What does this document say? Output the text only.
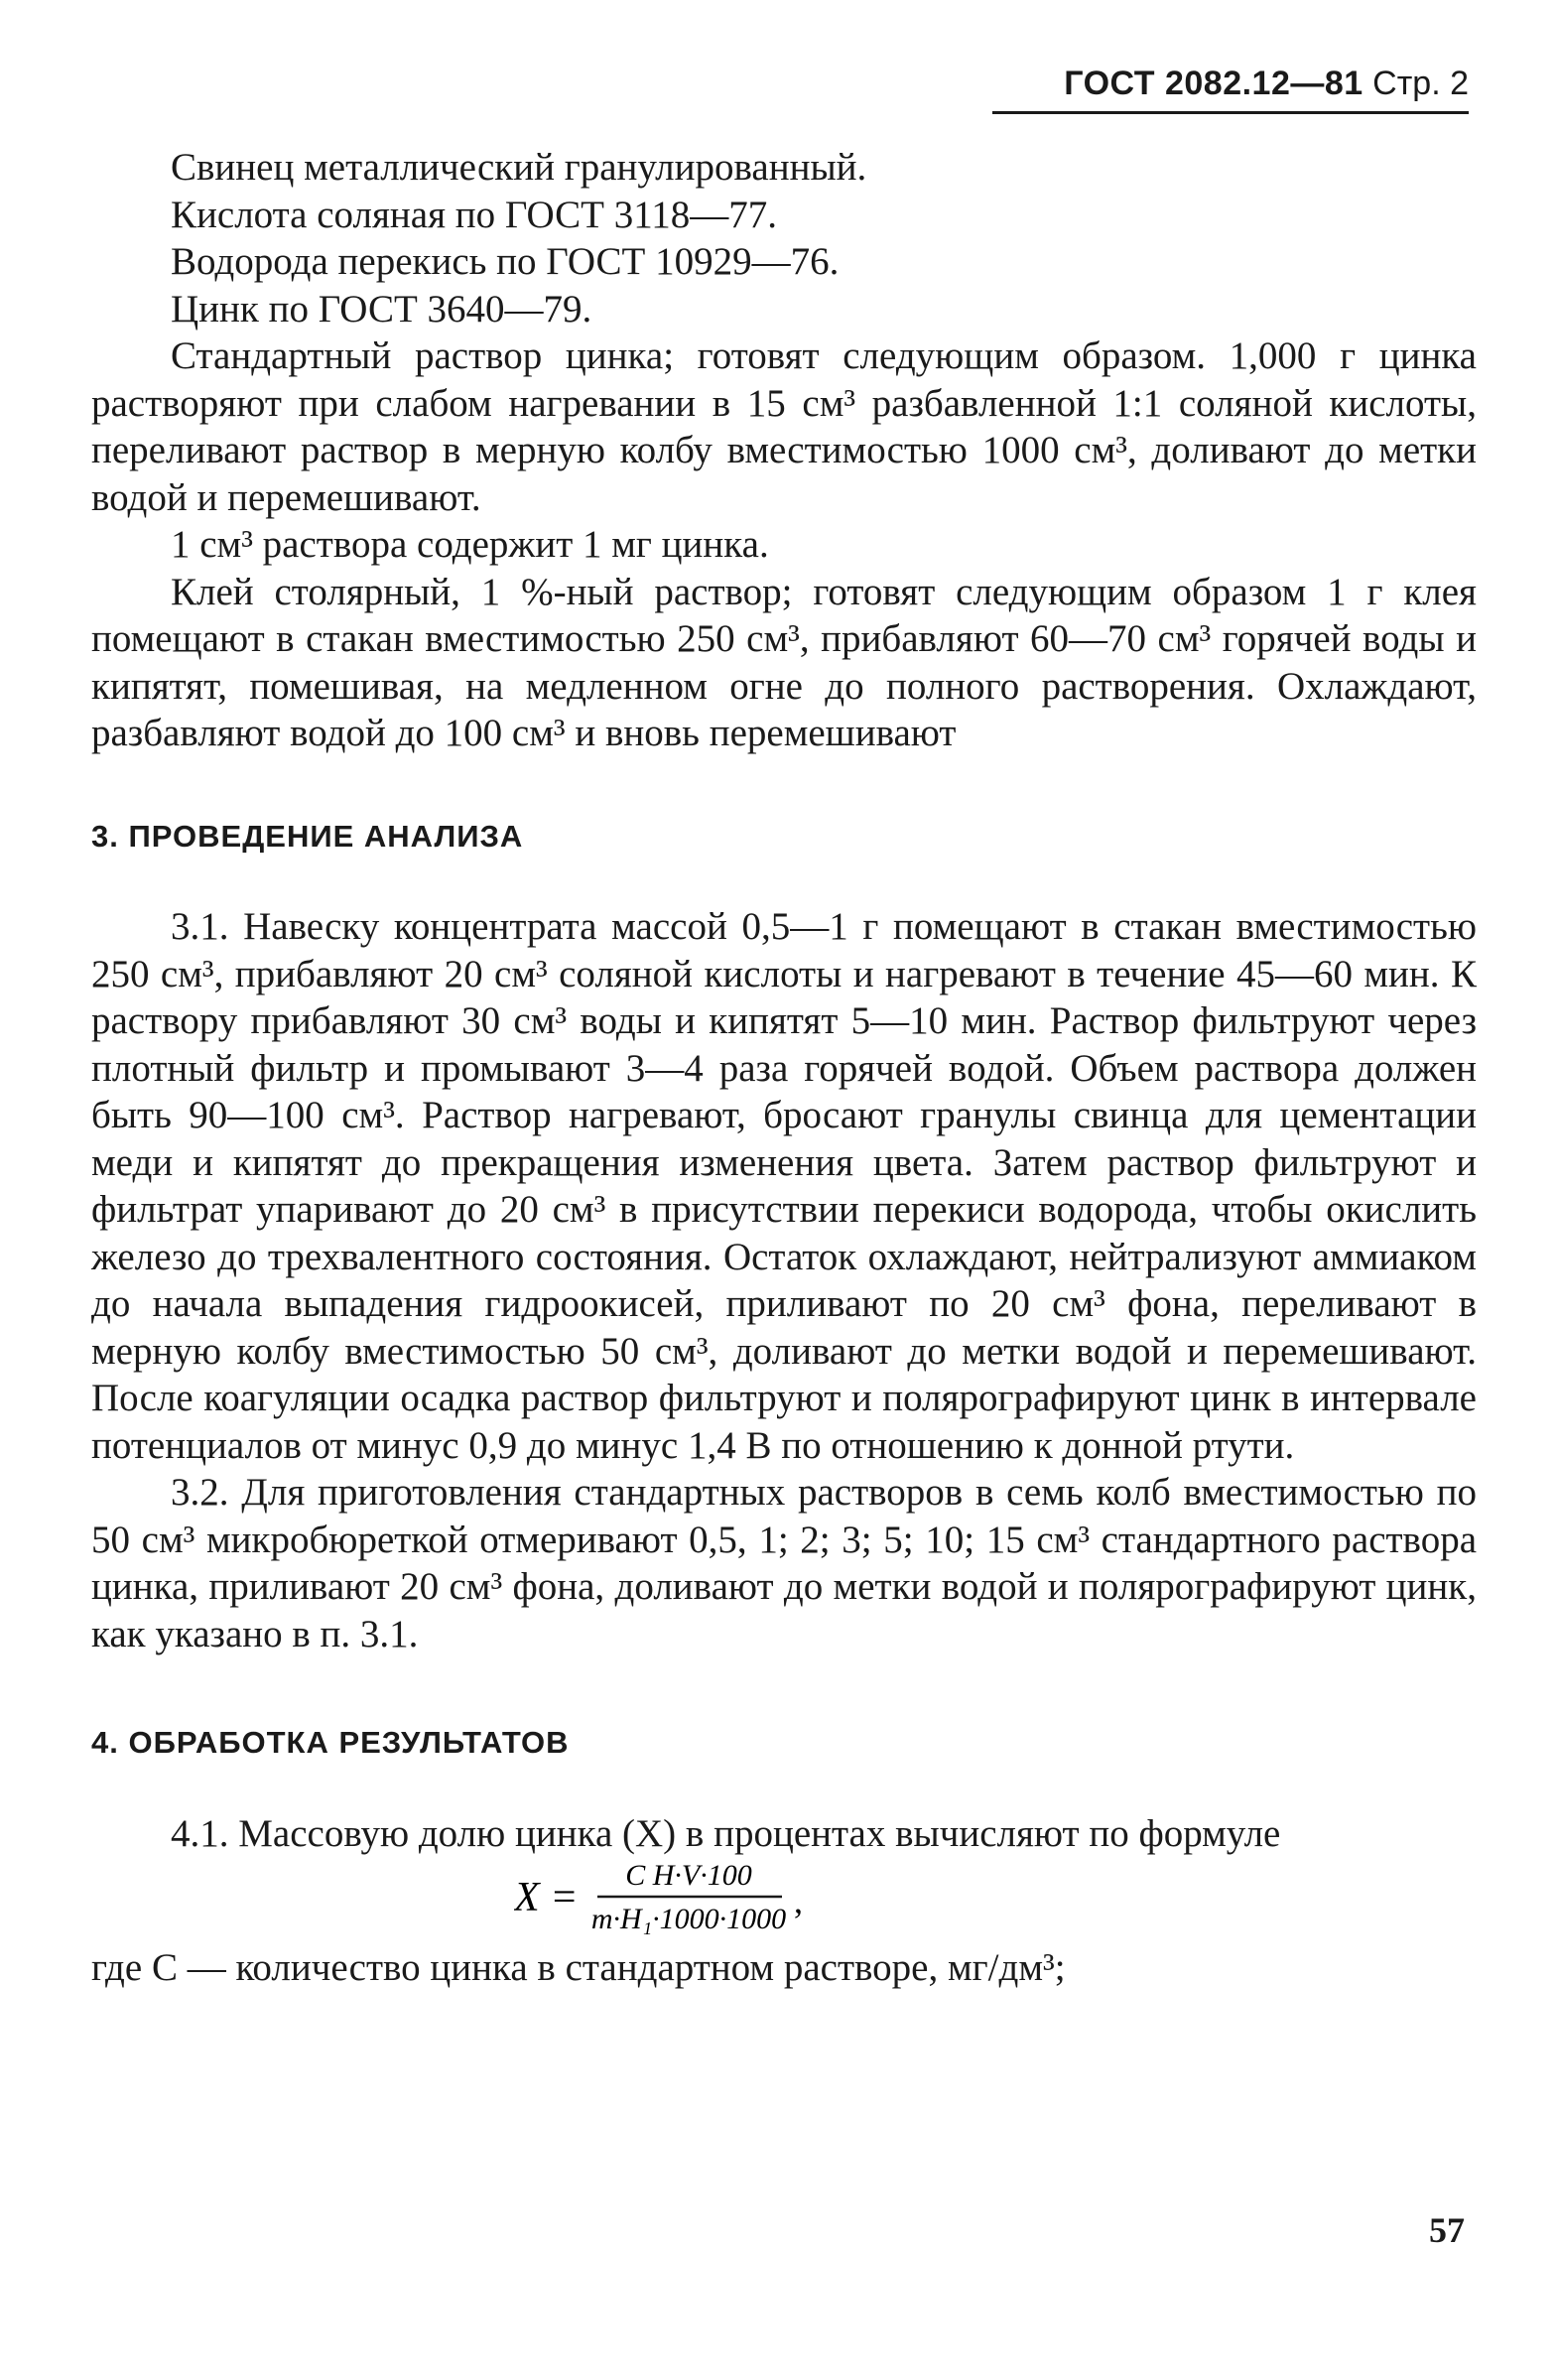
ГОСТ 2082.12—81 Стр. 2

Свинец металлический гранулированный.

Кислота соляная по ГОСТ 3118—77.

Водорода перекись по ГОСТ 10929—76.

Цинк по ГОСТ 3640—79.

Стандартный раствор цинка; готовят следующим образом. 1,000 г цинка растворяют при слабом нагревании в 15 см³ разбавленной 1:1 соляной кислоты, переливают раствор в мерную колбу вместимостью 1000 см³, доливают до метки водой и перемешивают.

1 см³ раствора содержит 1 мг цинка.

Клей столярный, 1 %-ный раствор; готовят следующим образом 1 г клея помещают в стакан вместимостью 250 см³, прибавляют 60—70 см³ горячей воды и кипятят, помешивая, на медленном огне до полного растворения. Охлаждают, разбавляют водой до 100 см³ и вновь перемешивают

3. ПРОВЕДЕНИЕ АНАЛИЗА

3.1. Навеску концентрата массой 0,5—1 г помещают в стакан вместимостью 250 см³, прибавляют 20 см³ соляной кислоты и нагревают в течение 45—60 мин. К раствору прибавляют 30 см³ воды и кипятят 5—10 мин. Раствор фильтруют через плотный фильтр и промывают 3—4 раза горячей водой. Объем раствора должен быть 90—100 см³. Раствор нагревают, бросают гранулы свинца для цементации меди и кипятят до прекращения изменения цвета. Затем раствор фильтруют и фильтрат упаривают до 20 см³ в присутствии перекиси водорода, чтобы окислить железо до трехвалентного состояния. Остаток охлаждают, нейтрализуют аммиаком до начала выпадения гидроокисей, приливают по 20 см³ фона, переливают в мерную колбу вместимостью 50 см³, доливают до метки водой и перемешивают. После коагуляции осадка раствор фильтруют и полярографируют цинк в интервале потенциалов от минус 0,9 до минус 1,4 В по отношению к донной ртути.

3.2. Для приготовления стандартных растворов в семь колб вместимостью по 50 см³ микробюреткой отмеривают 0,5, 1; 2; 3; 5; 10; 15 см³ стандартного раствора цинка, приливают 20 см³ фона, доливают до метки водой и полярографируют цинк, как указано в п. 3.1.

4. ОБРАБОТКА РЕЗУЛЬТАТОВ

4.1. Массовую долю цинка (X) в процентах вычисляют по формуле

X = C H·V·100
m·H₁·1000·1000 ,

где C — количество цинка в стандартном растворе, мг/дм³;

57
